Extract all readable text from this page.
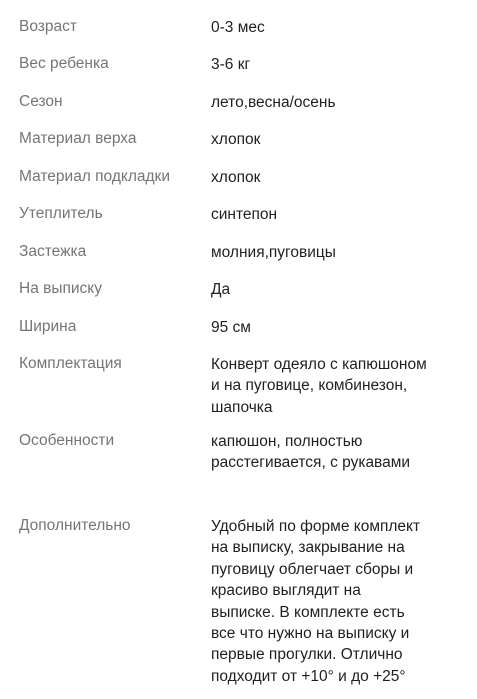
Возраст	0-3 мес
Вес ребенка	3-6 кг
Сезон	лето,весна/осень
Материал верха	хлопок
Материал подкладки	хлопок
Утеплитель	синтепон
Застежка	молния,пуговицы
На выписку	Да
Ширина	95 см
Комплектация	Конверт одеяло с капюшоном и на пуговице, комбинезон, шапочка
Особенности	капюшон, полностью расстегивается, с рукавами
Дополнительно	Удобный по форме комплект на выписку, закрывание на пуговицу облегчает сборы и красиво выглядит на выписке. В комплекте есть все что нужно на выписку и первые прогулки. Отлично подходит от +10° и до +25°
